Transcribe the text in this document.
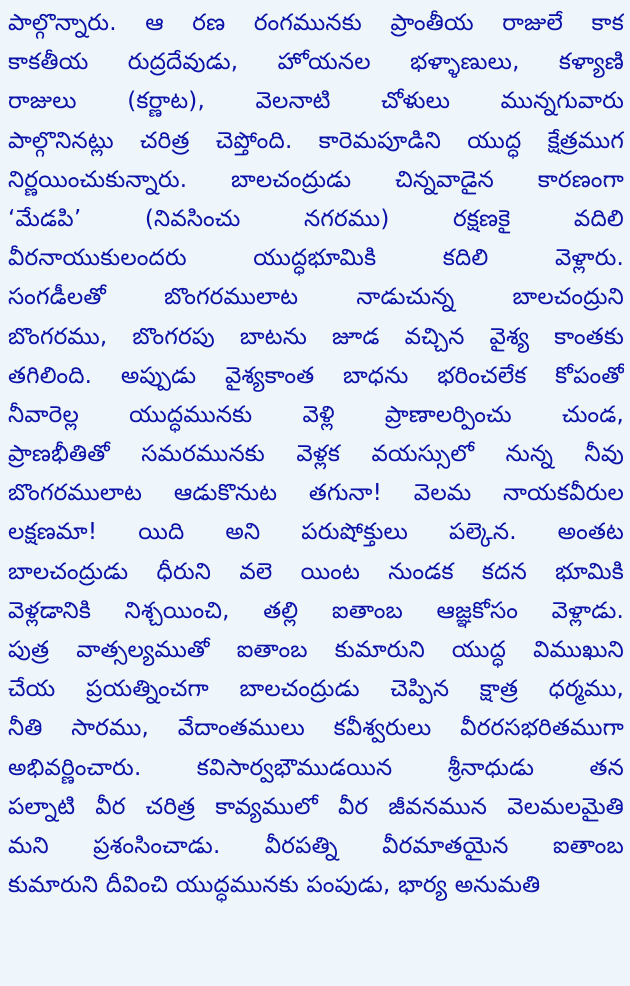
పాల్గొన్నారు. ఆ రణ రంగమునకు ప్రాంతీయ రాజులే కాక
కాకతీయ రుద్రదేవుడు, హోయనల భళ్ళాణులు, కళ్యాణి
రాజులు (కర్ణాట), వెలనాటి చోళులు మున్నగువారు
పాల్గొనినట్లు చరిత్ర చెప్తోంది. కారెమపూడిని యుద్ధ క్షేత్రముగ
నిర్ణయించుకున్నారు. బాలచంద్రుడు చిన్నవాడైన కారణంగా
‘మేడపి’ (నివసించు నగరము) రక్షణకై వదిలి
వీరనాయుకులందరు యుద్ధభూమికి కదిలి వెళ్లారు.
సంగడీలతో బొంగరములాట నాడుచున్న బాలచంద్రుని
బొంగరము, బొంగరపు బాటను జూడ వచ్చిన వైశ్య కాంతకు
తగిలింది. అప్పుడు వైశ్యకాంత బాధను భరించలేక కోపంతో
నీవారెల్ల యుద్ధమునకు వెళ్లి ప్రాణాలర్పించు చుండ,
ప్రాణభీతితో సమరమునకు వెళ్లక వయస్సులో నున్న నీవు
బొంగరములాట ఆడుకొనుట తగునా! వెలమ నాయకవీరుల
లక్షణమా! యిది అని పరుషోక్తులు పల్కెన. అంతట
బాలచంద్రుడు ధీరుని వలె యింట నుండక కదన భూమికి
వెళ్లడానికి నిశ్చయించి, తల్లి ఐతాంబ ఆజ్ఞకోసం వెళ్లాడు.
పుత్ర వాత్సల్యముతో ఐతాంబ కుమారుని యుద్ధ విముఖుని
చేయ ప్రయత్నించగా బాలచంద్రుడు చెప్పిన క్షాత్ర ధర్మము,
నీతి సారము, వేదాంతములు కవీశ్వరులు వీరరసభరితముగా
అభివర్ణించారు. కవిసార్వభౌముడయిన శ్రీనాధుడు తన
పల్నాటి వీర చరిత్ర కావ్యములో వీర జీవనమున వెలమలమైతి
మని ప్రశంసించాడు. వీరపత్ని వీరమాతయైన ఐతాంబ
కుమారుని దీవించి యుద్ధమునకు పంపుడు, భార్య అనుమతి
